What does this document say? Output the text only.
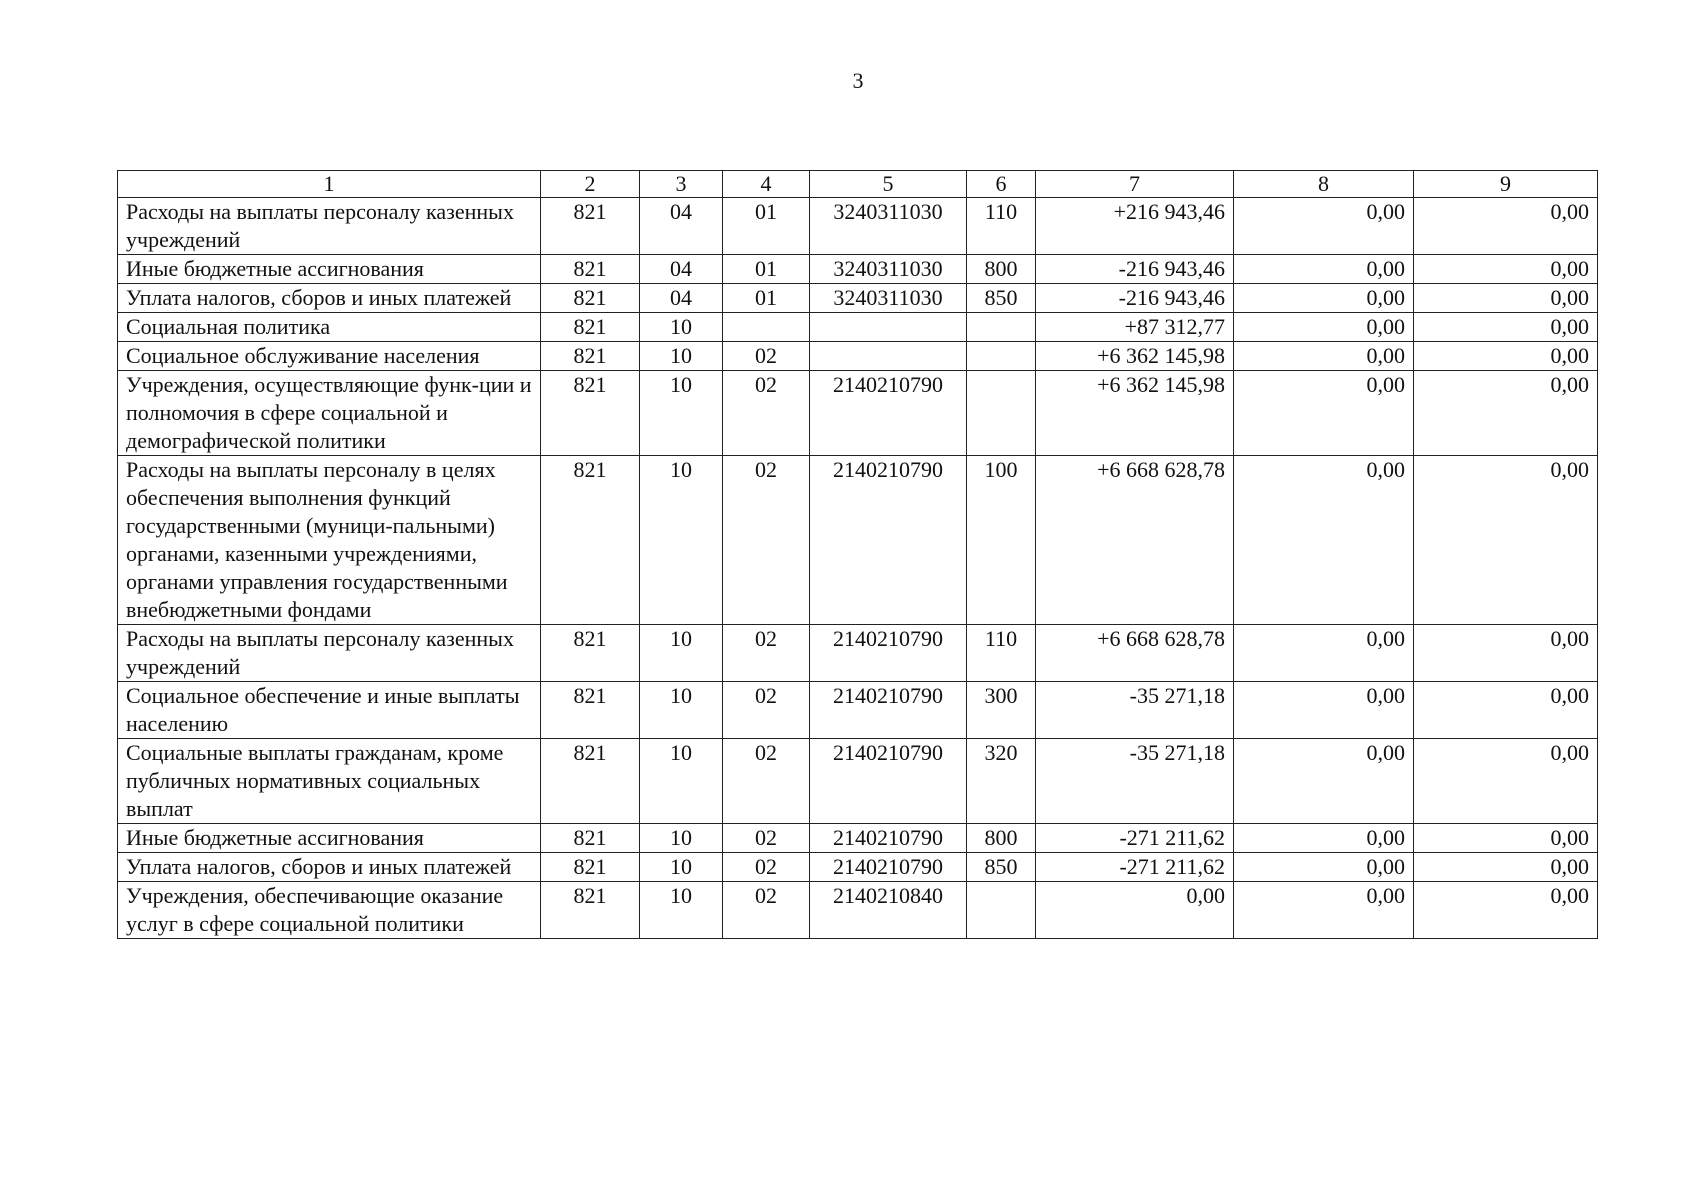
3
1	2	3	4	5	6	7	8	9
Расходы на выплаты персоналу казенных учреждений	821	04	01	3240311030	110	+216 943,46	0,00	0,00
Иные бюджетные ассигнования	821	04	01	3240311030	800	-216 943,46	0,00	0,00
Уплата налогов, сборов и иных платежей	821	04	01	3240311030	850	-216 943,46	0,00	0,00
Социальная политика	821	10				+87 312,77	0,00	0,00
Социальное обслуживание населения	821	10	02			+6 362 145,98	0,00	0,00
Учреждения, осуществляющие функ-ции и полномочия в сфере социальной и демографической политики	821	10	02	2140210790		+6 362 145,98	0,00	0,00
Расходы на выплаты персоналу в целях обеспечения выполнения функций государственными (муници-пальными) органами, казенными учреждениями, органами управления государственными внебюджетными фондами	821	10	02	2140210790	100	+6 668 628,78	0,00	0,00
Расходы на выплаты персоналу казенных учреждений	821	10	02	2140210790	110	+6 668 628,78	0,00	0,00
Социальное обеспечение и иные выплаты населению	821	10	02	2140210790	300	-35 271,18	0,00	0,00
Социальные выплаты гражданам, кроме публичных нормативных социальных выплат	821	10	02	2140210790	320	-35 271,18	0,00	0,00
Иные бюджетные ассигнования	821	10	02	2140210790	800	-271 211,62	0,00	0,00
Уплата налогов, сборов и иных платежей	821	10	02	2140210790	850	-271 211,62	0,00	0,00
Учреждения, обеспечивающие оказание услуг в сфере социальной политики	821	10	02	2140210840		0,00	0,00	0,00
